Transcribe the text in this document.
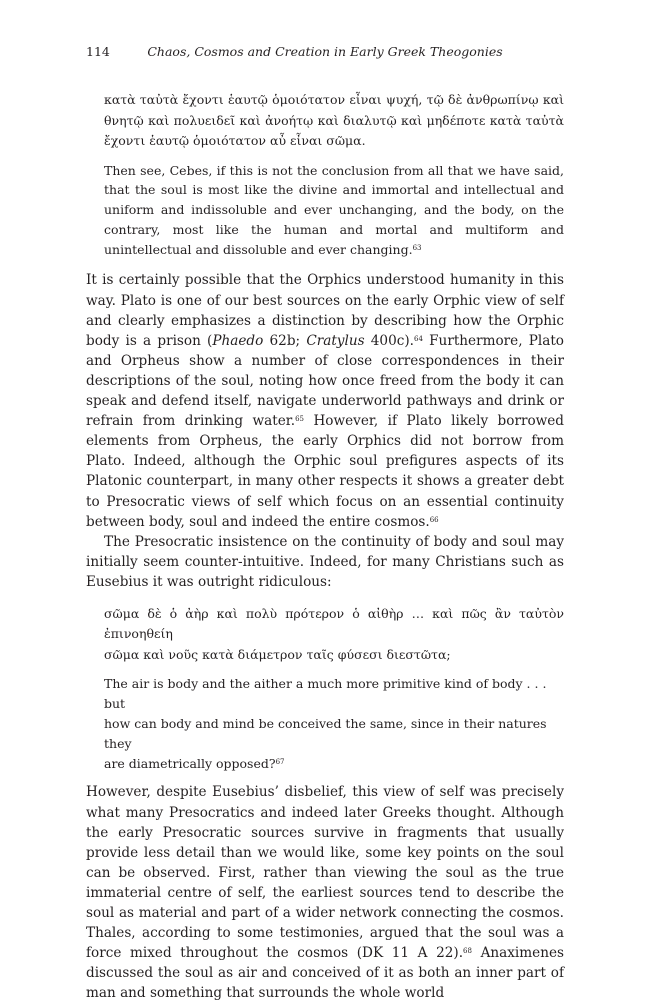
114	Chaos, Cosmos and Creation in Early Greek Theogonies

κατὰ ταὐτὰ ἔχοντι ἑαυτῷ ὁμοιότατον εἶναι ψυχή, τῷ δὲ ἀνθρωπίνῳ καὶ θνητῷ καὶ πολυειδεῖ καὶ ἀνοήτῳ καὶ διαλυτῷ καὶ μηδέποτε κατὰ ταὐτὰ ἔχοντι ἑαυτῷ ὁμοιότατον αὖ εἶναι σῶμα.

Then see, Cebes, if this is not the conclusion from all that we have said, that the soul is most like the divine and immortal and intellectual and uniform and indissoluble and ever unchanging, and the body, on the contrary, most like the human and mortal and multiform and unintellectual and dissoluble and ever changing.$^{63}$

It is certainly possible that the Orphics understood humanity in this way. Plato is one of our best sources on the early Orphic view of self and clearly emphasizes a distinction by describing how the Orphic body is a prison (Phaedo 62b; Cratylus 400c).$^{64}$ Furthermore, Plato and Orpheus show a number of close correspondences in their descriptions of the soul, noting how once freed from the body it can speak and defend itself, navigate underworld pathways and drink or refrain from drinking water.$^{65}$ However, if Plato likely borrowed elements from Orpheus, the early Orphics did not borrow from Plato. Indeed, although the Orphic soul prefigures aspects of its Platonic counterpart, in many other respects it shows a greater debt to Presocratic views of self which focus on an essential continuity between body, soul and indeed the entire cosmos.$^{66}$

The Presocratic insistence on the continuity of body and soul may initially seem counter-intuitive. Indeed, for many Christians such as Eusebius it was outright ridiculous:

σῶμα δὲ ὁ ἀὴρ καὶ πολὺ πρότερον ὁ αἰθὴρ … καὶ πῶς ἂν ταὐτὸν ἐπινοηθείη
σῶμα καὶ νοῦς κατὰ διάμετρον ταῖς φύσεσι διεστῶτα;

The air is body and the aither a much more primitive kind of body . . . but
how can body and mind be conceived the same, since in their natures they
are diametrically opposed?$^{67}$

However, despite Eusebius’ disbelief, this view of self was precisely what many Presocratics and indeed later Greeks thought. Although the early Presocratic sources survive in fragments that usually provide less detail than we would like, some key points on the soul can be observed. First, rather than viewing the soul as the true immaterial centre of self, the earliest sources tend to describe the soul as material and part of a wider network connecting the cosmos. Thales, according to some testimonies, argued that the soul was a force mixed throughout the cosmos (DK 11 A 22).$^{68}$ Anaximenes discussed the soul as air and conceived of it as both an inner part of man and something that surrounds the whole world
